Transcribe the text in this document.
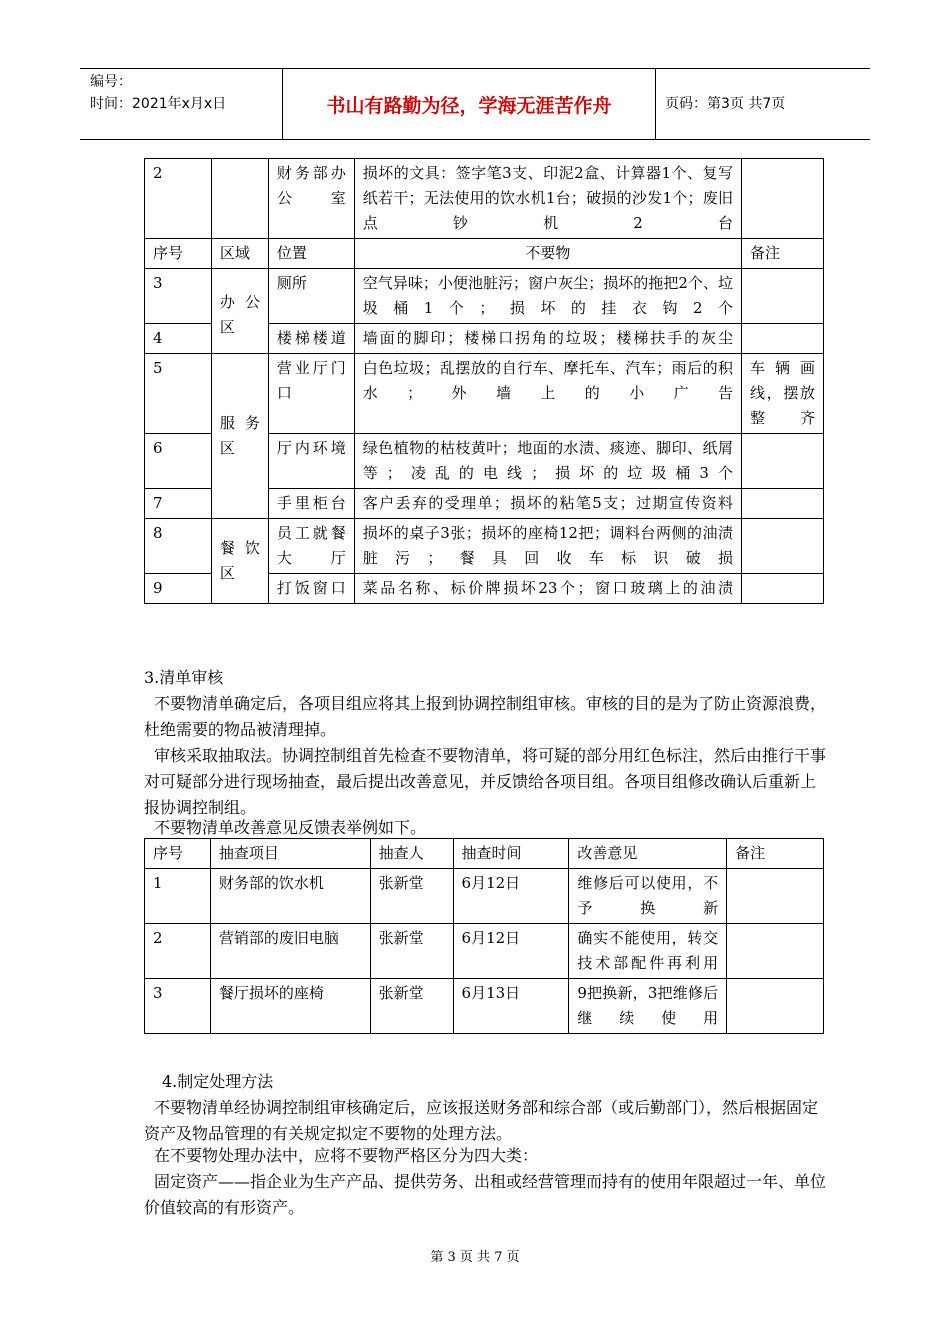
编号：
时间：2021年x月x日	书山有路勤为径，学海无涯苦作舟	页码：第3页 共7页
2		财务部办公室	损坏的文具：签字笔3支、印泥2盒、计算器1个、复写纸若干；无法使用的饮水机1台；破损的沙发1个；废旧点钞机2台	
序号	区域	位置	不要物	备注
3	办公区	厕所	空气异味；小便池脏污；窗户灰尘；损坏的拖把2个、垃圾桶1个；损坏的挂衣钩2个	
4		楼梯楼道	墙面的脚印；楼梯口拐角的垃圾；楼梯扶手的灰尘	
5	服务区	营业厅门口	白色垃圾；乱摆放的自行车、摩托车、汽车；雨后的积水；外墙上的小广告	车辆画线，摆放整齐
6		厅内环境	绿色植物的枯枝黄叶；地面的水渍、痰迹、脚印、纸屑等；凌乱的电线；损坏的垃圾桶3个	
7		手里柜台	客户丢弃的受理单；损坏的粘笔5支；过期宣传资料	
8	餐饮区	员工就餐大厅	损坏的桌子3张；损坏的座椅12把；调料台两侧的油渍脏污；餐具回收车标识破损	
9		打饭窗口	菜品名称、标价牌损坏23个；窗口玻璃上的油渍	
3.清单审核
不要物清单确定后，各项目组应将其上报到协调控制组审核。审核的目的是为了防止资源浪费，杜绝需要的物品被清理掉。
审核采取抽取法。协调控制组首先检查不要物清单，将可疑的部分用红色标注，然后由推行干事对可疑部分进行现场抽查，最后提出改善意见，并反馈给各项目组。各项目组修改确认后重新上报协调控制组。
不要物清单改善意见反馈表举例如下。
序号	抽查项目	抽查人	抽查时间	改善意见	备注
1	财务部的饮水机	张新堂	6月12日	维修后可以使用，不予换新	
2	营销部的废旧电脑	张新堂	6月12日	确实不能使用，转交技术部配件再利用	
3	餐厅损坏的座椅	张新堂	6月13日	9把换新，3把维修后继续使用	
4.制定处理方法
不要物清单经协调控制组审核确定后，应该报送财务部和综合部（或后勤部门），然后根据固定资产及物品管理的有关规定拟定不要物的处理方法。
在不要物处理办法中，应将不要物严格区分为四大类：
固定资产——指企业为生产产品、提供劳务、出租或经营管理而持有的使用年限超过一年、单位价值较高的有形资产。
第 3 页 共 7 页
